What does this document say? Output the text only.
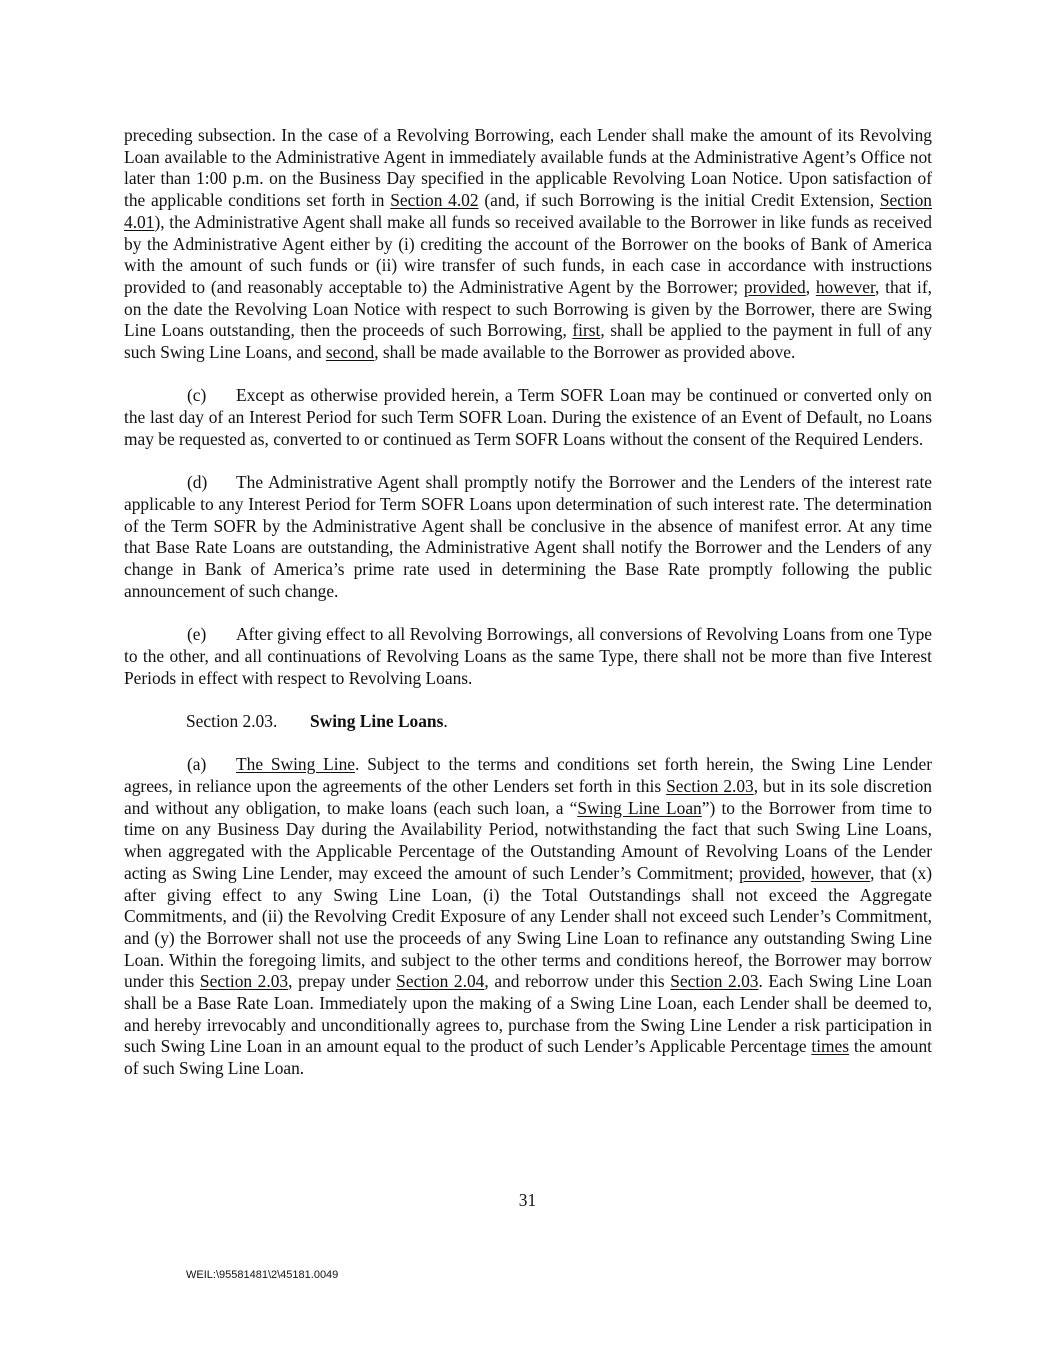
preceding subsection. In the case of a Revolving Borrowing, each Lender shall make the amount of its Revolving Loan available to the Administrative Agent in immediately available funds at the Administrative Agent’s Office not later than 1:00 p.m. on the Business Day specified in the applicable Revolving Loan Notice. Upon satisfaction of the applicable conditions set forth in Section 4.02 (and, if such Borrowing is the initial Credit Extension, Section 4.01), the Administrative Agent shall make all funds so received available to the Borrower in like funds as received by the Administrative Agent either by (i) crediting the account of the Borrower on the books of Bank of America with the amount of such funds or (ii) wire transfer of such funds, in each case in accordance with instructions provided to (and reasonably acceptable to) the Administrative Agent by the Borrower; provided, however, that if, on the date the Revolving Loan Notice with respect to such Borrowing is given by the Borrower, there are Swing Line Loans outstanding, then the proceeds of such Borrowing, first, shall be applied to the payment in full of any such Swing Line Loans, and second, shall be made available to the Borrower as provided above.

(c) Except as otherwise provided herein, a Term SOFR Loan may be continued or converted only on the last day of an Interest Period for such Term SOFR Loan. During the existence of an Event of Default, no Loans may be requested as, converted to or continued as Term SOFR Loans without the consent of the Required Lenders.

(d) The Administrative Agent shall promptly notify the Borrower and the Lenders of the interest rate applicable to any Interest Period for Term SOFR Loans upon determination of such interest rate. The determination of the Term SOFR by the Administrative Agent shall be conclusive in the absence of manifest error. At any time that Base Rate Loans are outstanding, the Administrative Agent shall notify the Borrower and the Lenders of any change in Bank of America’s prime rate used in determining the Base Rate promptly following the public announcement of such change.

(e) After giving effect to all Revolving Borrowings, all conversions of Revolving Loans from one Type to the other, and all continuations of Revolving Loans as the same Type, there shall not be more than five Interest Periods in effect with respect to Revolving Loans.

Section 2.03. Swing Line Loans.

(a) The Swing Line. Subject to the terms and conditions set forth herein, the Swing Line Lender agrees, in reliance upon the agreements of the other Lenders set forth in this Section 2.03, but in its sole discretion and without any obligation, to make loans (each such loan, a “Swing Line Loan”) to the Borrower from time to time on any Business Day during the Availability Period, notwithstanding the fact that such Swing Line Loans, when aggregated with the Applicable Percentage of the Outstanding Amount of Revolving Loans of the Lender acting as Swing Line Lender, may exceed the amount of such Lender’s Commitment; provided, however, that (x) after giving effect to any Swing Line Loan, (i) the Total Outstandings shall not exceed the Aggregate Commitments, and (ii) the Revolving Credit Exposure of any Lender shall not exceed such Lender’s Commitment, and (y) the Borrower shall not use the proceeds of any Swing Line Loan to refinance any outstanding Swing Line Loan. Within the foregoing limits, and subject to the other terms and conditions hereof, the Borrower may borrow under this Section 2.03, prepay under Section 2.04, and reborrow under this Section 2.03. Each Swing Line Loan shall be a Base Rate Loan. Immediately upon the making of a Swing Line Loan, each Lender shall be deemed to, and hereby irrevocably and unconditionally agrees to, purchase from the Swing Line Lender a risk participation in such Swing Line Loan in an amount equal to the product of such Lender’s Applicable Percentage times the amount of such Swing Line Loan.

31
WEIL:\95581481\2\45181.0049
